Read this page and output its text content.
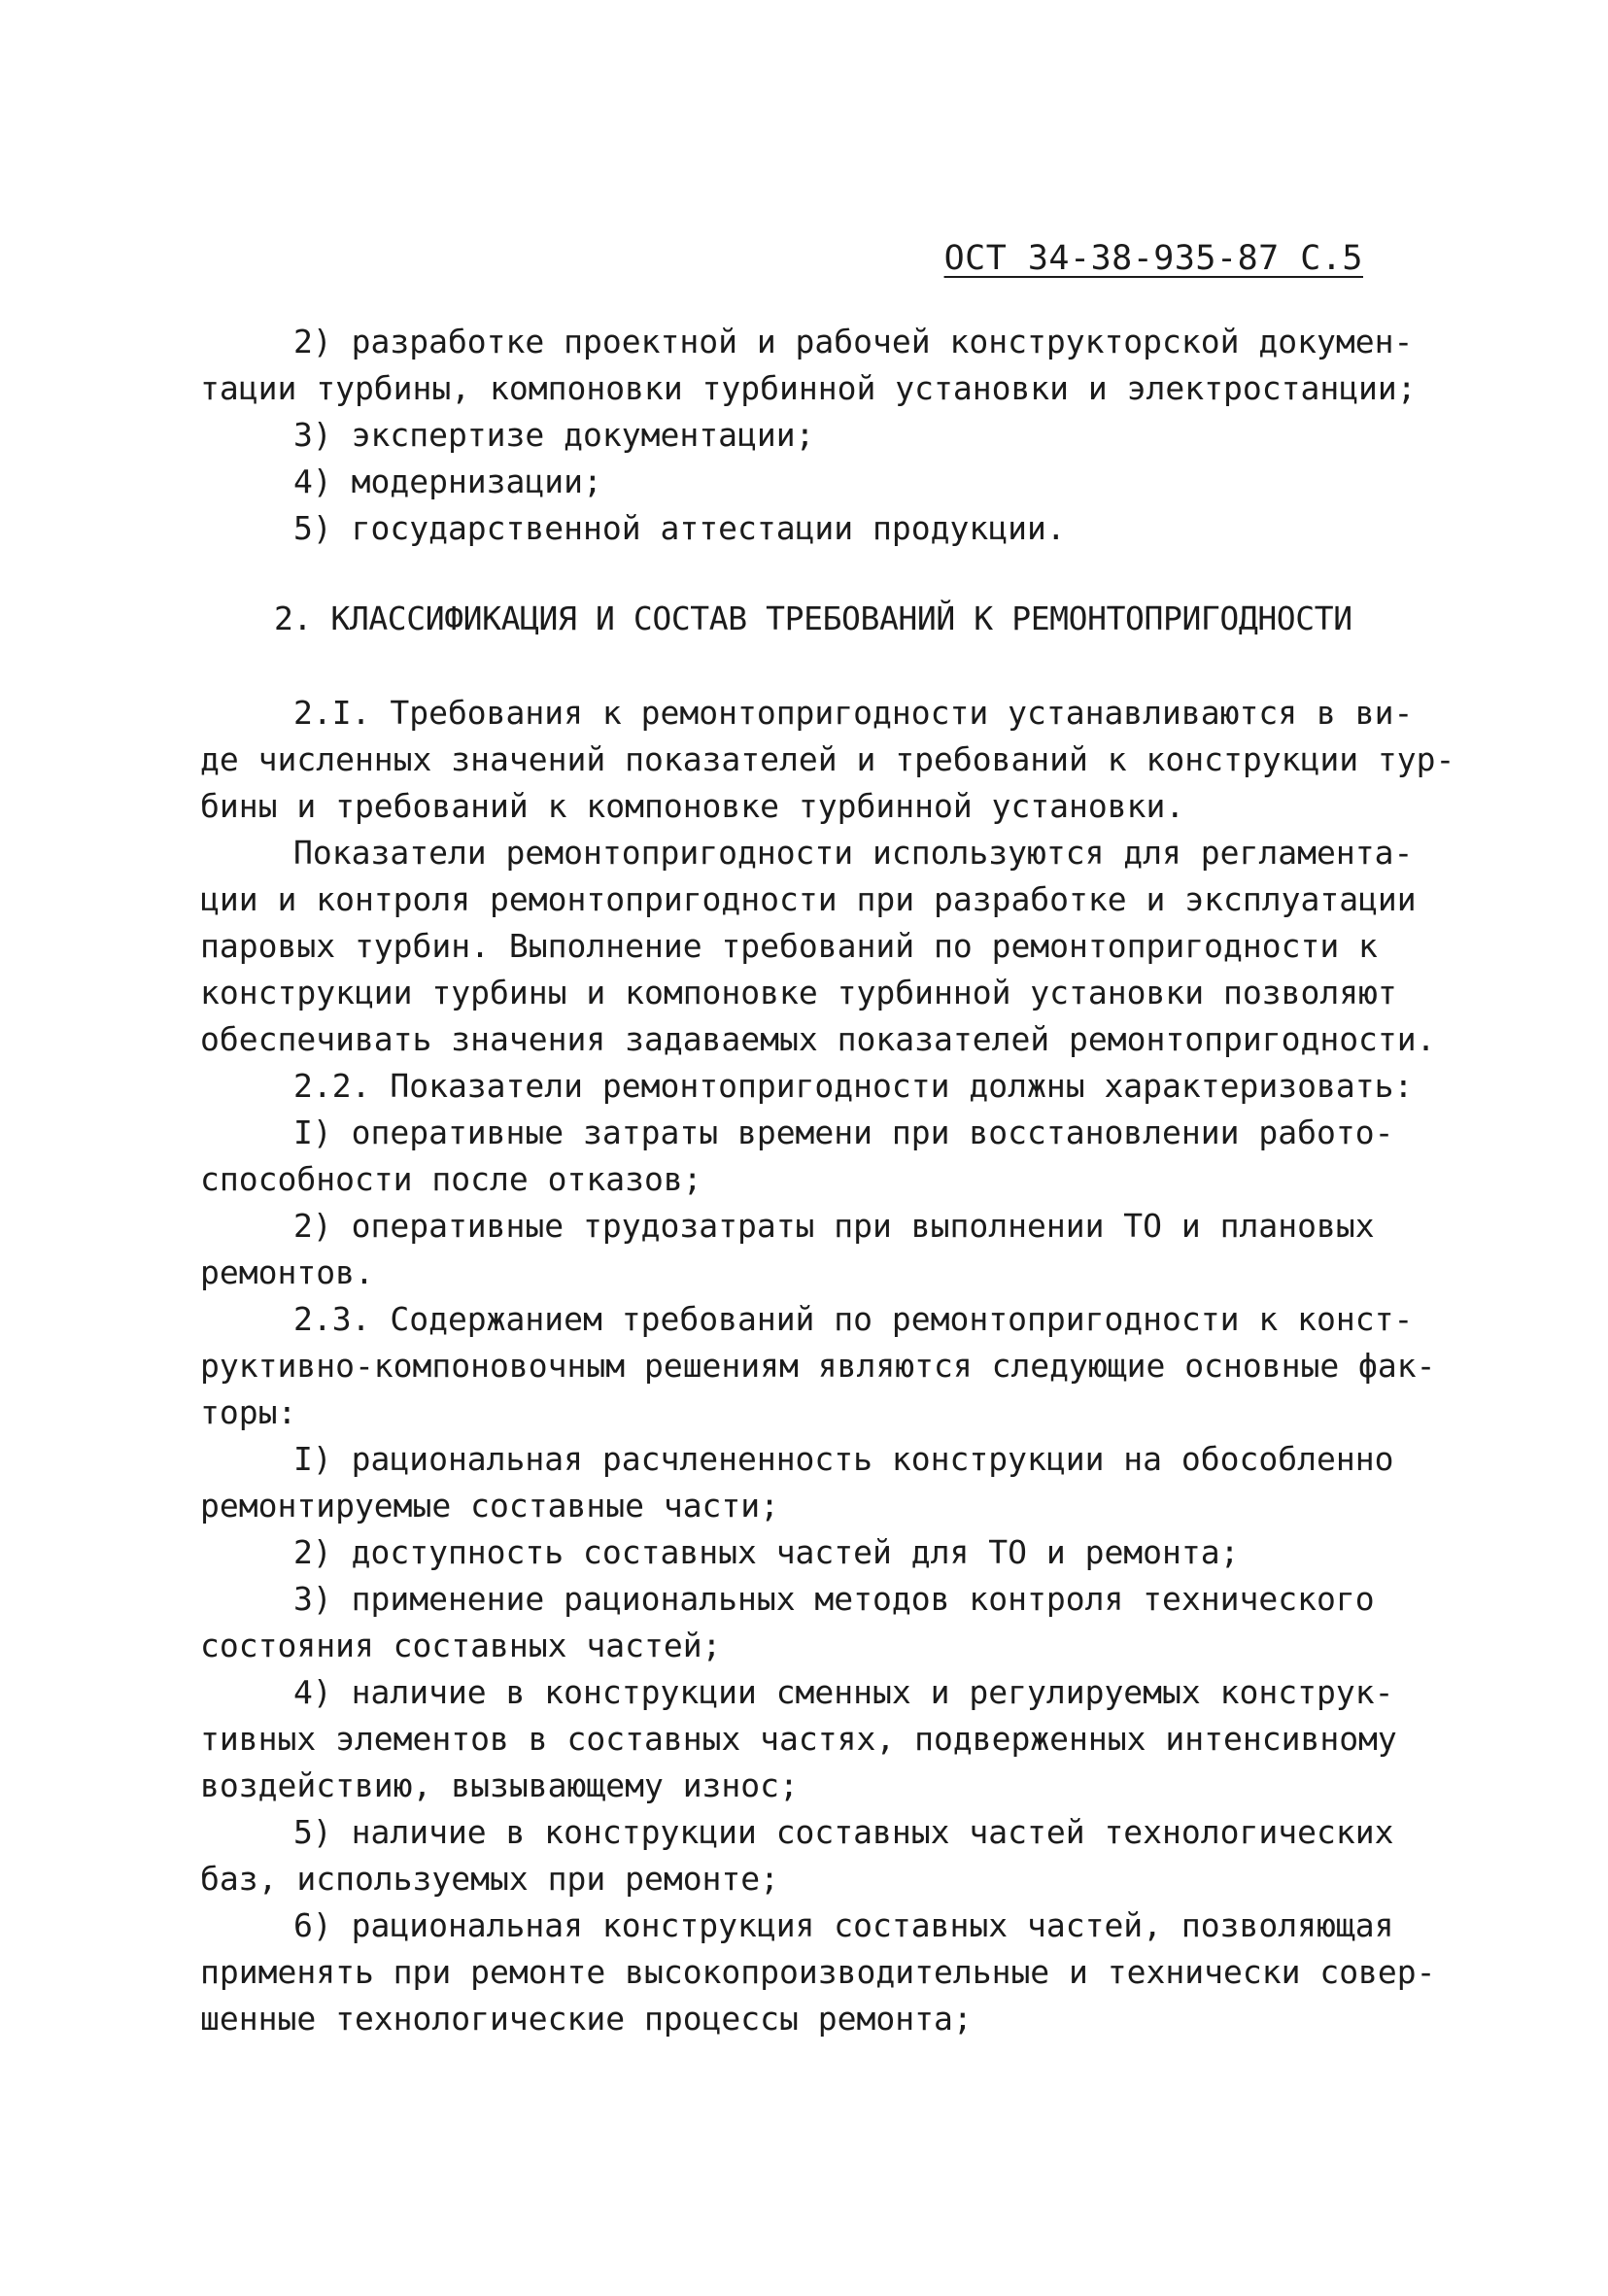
ОСТ 34-38-935-87 С.5
2) разработке проектной и рабочей конструкторской докумен-
тации турбины, компоновки турбинной установки и электростанции;
3) экспертизе документации;
4) модернизации;
5) государственной аттестации продукции.
2. КЛАССИФИКАЦИЯ И СОСТАВ ТРЕБОВАНИЙ К РЕМОНТОПРИГОДНОСТИ
2.I. Требования к ремонтопригодности устанавливаются в ви-
де численных значений показателей и требований к конструкции тур-
бины и требований к компоновке турбинной установки.
Показатели ремонтопригодности используются для регламента-
ции и контроля ремонтопригодности при разработке и эксплуатации
паровых турбин. Выполнение требований по ремонтопригодности к
конструкции турбины и компоновке турбинной установки позволяют
обеспечивать значения задаваемых показателей ремонтопригодности.
2.2. Показатели ремонтопригодности должны характеризовать:
I) оперативные затраты времени при восстановлении работо-
способности после отказов;
2) оперативные трудозатраты при выполнении ТО и плановых
ремонтов.
2.3. Содержанием требований по ремонтопригодности к конст-
руктивно-компоновочным решениям являются следующие основные фак-
торы:
I) рациональная расчлененность конструкции на обособленно
ремонтируемые составные части;
2) доступность составных частей для ТО и ремонта;
3) применение рациональных методов контроля технического
состояния составных частей;
4) наличие в конструкции сменных и регулируемых конструк-
тивных элементов в составных частях, подверженных интенсивному
воздействию, вызывающему износ;
5) наличие в конструкции составных частей технологических
баз, используемых при ремонте;
6) рациональная конструкция составных частей, позволяющая
применять при ремонте высокопроизводительные и технически совер-
шенные технологические процессы ремонта;
